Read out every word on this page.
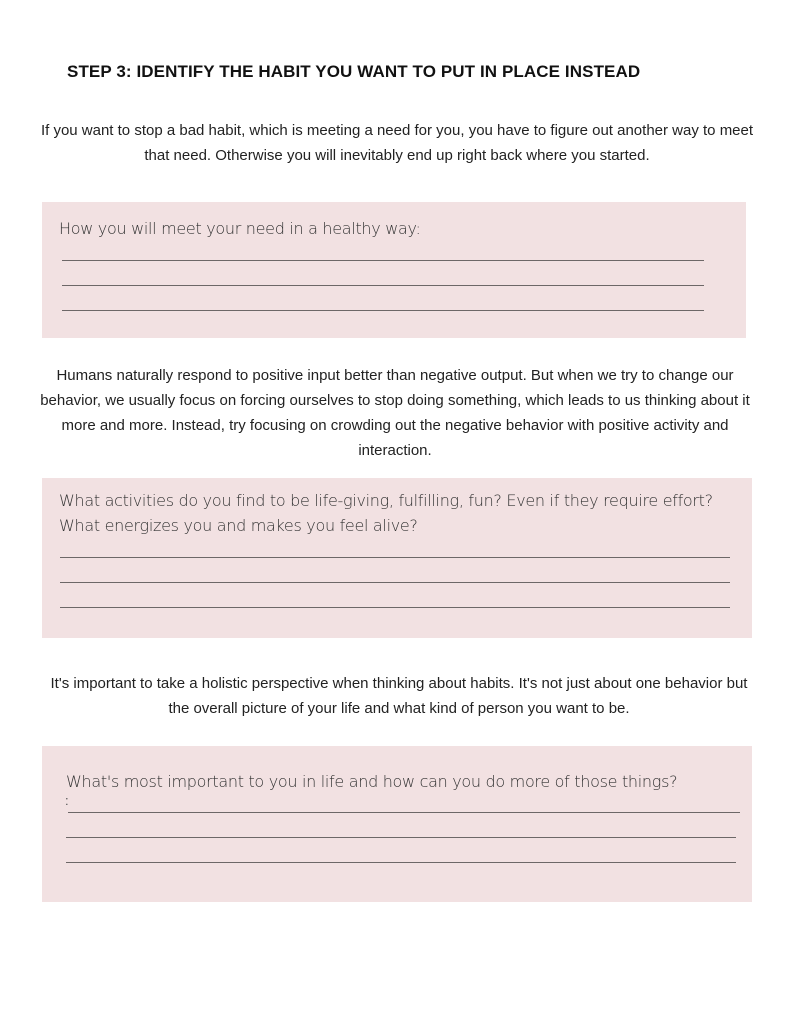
STEP 3: IDENTIFY THE HABIT YOU WANT TO PUT IN PLACE INSTEAD
If you want to stop a bad habit, which is meeting a need for you, you have to figure out another way to meet that need. Otherwise you will inevitably end up right back where you started.
How you will meet your need in a healthy way:
Humans naturally respond to positive input better than negative output. But when we try to change our behavior, we usually focus on forcing ourselves to stop doing something, which leads to us thinking about it more and more. Instead, try focusing on crowding out the negative behavior with positive activity and interaction.
What activities do you find to be life-giving, fulfilling, fun? Even if they require effort? What energizes you and makes you feel alive?
It's important to take a holistic perspective when thinking about habits. It's not just about one behavior but the overall picture of your life and what kind of person you want to be.
What's most important to you in life and how can you do more of those things?
:
